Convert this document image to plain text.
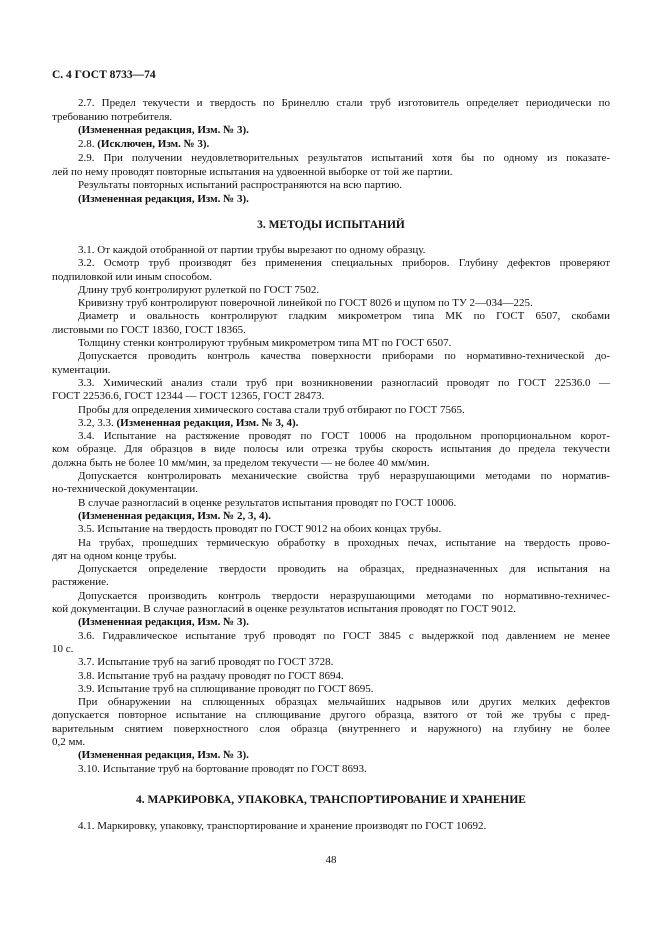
С. 4 ГОСТ 8733—74
2.7. Предел текучести и твердость по Бринеллю стали труб изготовитель определяет периодически по
требованию потребителя.
(Измененная редакция, Изм. № 3).
2.8. (Исключен, Изм. № 3).
2.9. При получении неудовлетворительных результатов испытаний хотя бы по одному из показате-
лей по нему проводят повторные испытания на удвоенной выборке от той же партии.
Результаты повторных испытаний распространяются на всю партию.
(Измененная редакция, Изм. № 3).
3. МЕТОДЫ ИСПЫТАНИЙ
3.1. От каждой отобранной от партии трубы вырезают по одному образцу.
3.2. Осмотр труб производят без применения специальных приборов. Глубину дефектов проверяют
подпиловкой или иным способом.
Длину труб контролируют рулеткой по ГОСТ 7502.
Кривизну труб контролируют поверочной линейкой по ГОСТ 8026 и щупом по ТУ 2—034—225.
Диаметр и овальность контролируют гладким микрометром типа МК по ГОСТ 6507, скобами
листовыми по ГОСТ 18360, ГОСТ 18365.
Толщину стенки контролируют трубным микрометром типа МТ по ГОСТ 6507.
Допускается проводить контроль качества поверхности приборами по нормативно-технической до-
кументации.
3.3. Химический анализ стали труб при возникновении разногласий проводят по ГОСТ 22536.0 —
ГОСТ 22536.6, ГОСТ 12344 — ГОСТ 12365, ГОСТ 28473.
Пробы для определения химического состава стали труб отбирают по ГОСТ 7565.
3.2, 3.3. (Измененная редакция, Изм. № 3, 4).
3.4. Испытание на растяжение проводят по ГОСТ 10006 на продольном пропорциональном корот-
ком образце. Для образцов в виде полосы или отрезка трубы скорость испытания до предела текучести
должна быть не более 10 мм/мин, за пределом текучести — не более 40 мм/мин.
Допускается контролировать механические свойства труб неразрушающими методами по норматив-
но-технической документации.
В случае разногласий в оценке результатов испытания проводят по ГОСТ 10006.
(Измененная редакция, Изм. № 2, 3, 4).
3.5. Испытание на твердость проводят по ГОСТ 9012 на обоих концах трубы.
На трубах, прошедших термическую обработку в проходных печах, испытание на твердость прово-
дят на одном конце трубы.
Допускается определение твердости проводить на образцах, предназначенных для испытания на
растяжение.
Допускается производить контроль твердости неразрушающими методами по нормативно-техничес-
кой документации. В случае разногласий в оценке результатов испытания проводят по ГОСТ 9012.
(Измененная редакция, Изм. № 3).
3.6. Гидравлическое испытание труб проводят по ГОСТ 3845 с выдержкой под давлением не менее
10 с.
3.7. Испытание труб на загиб проводят по ГОСТ 3728.
3.8. Испытание труб на раздачу проводят по ГОСТ 8694.
3.9. Испытание труб на сплющивание проводят по ГОСТ 8695.
При обнаружении на сплющенных образцах мельчайших надрывов или других мелких дефектов
допускается повторное испытание на сплющивание другого образца, взятого от той же трубы с пред-
варительным снятием поверхностного слоя образца (внутреннего и наружного) на глубину не более
0,2 мм.
(Измененная редакция, Изм. № 3).
3.10. Испытание труб на бортование проводят по ГОСТ 8693.
4. МАРКИРОВКА, УПАКОВКА, ТРАНСПОРТИРОВАНИЕ И ХРАНЕНИЕ
4.1. Маркировку, упаковку, транспортирование и хранение производят по ГОСТ 10692.
48
